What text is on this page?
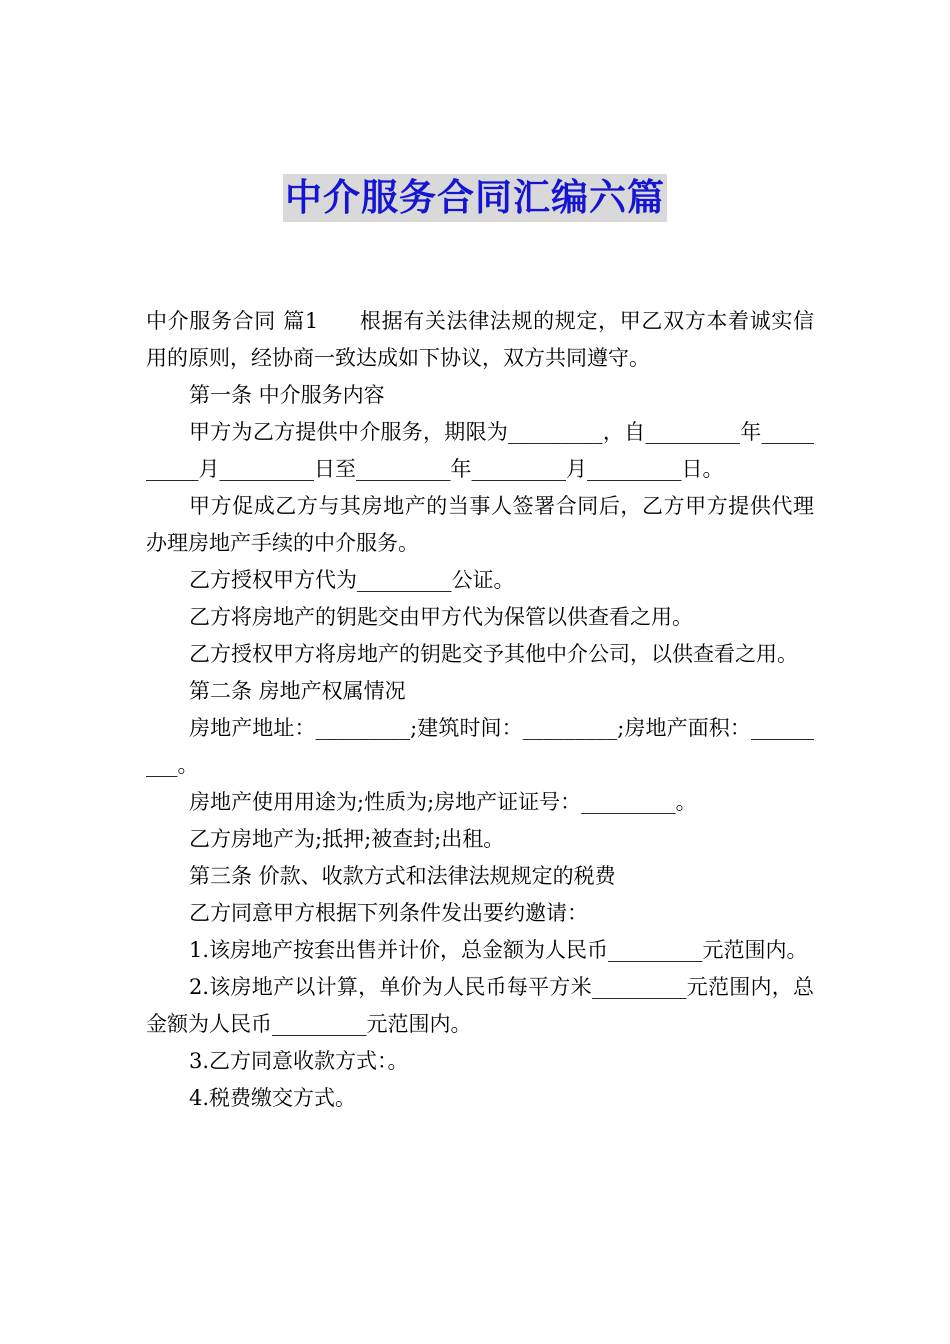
中介服务合同汇编六篇

中介服务合同 篇1 根据有关法律法规的规定，甲乙双方本着诚实信用的原则，经协商一致达成如下协议，双方共同遵守。

第一条 中介服务内容

甲方为乙方提供中介服务，期限为_________，自_________年__________月_________日至_________年_________月_________日。

甲方促成乙方与其房地产的当事人签署合同后，乙方甲方提供代理办理房地产手续的中介服务。

乙方授权甲方代为_________公证。

乙方将房地产的钥匙交由甲方代为保管以供查看之用。

乙方授权甲方将房地产的钥匙交予其他中介公司，以供查看之用。

第二条 房地产权属情况

房地产地址：_________;建筑时间：_________;房地产面积：_________。

房地产使用用途为;性质为;房地产证证号：_________。

乙方房地产为;抵押;被查封;出租。

第三条 价款、收款方式和法律法规规定的税费

乙方同意甲方根据下列条件发出要约邀请：

1.该房地产按套出售并计价，总金额为人民币_________元范围内。

2.该房地产以计算，单价为人民币每平方米_________元范围内，总金额为人民币_________元范围内。

3.乙方同意收款方式：。

4.税费缴交方式。
